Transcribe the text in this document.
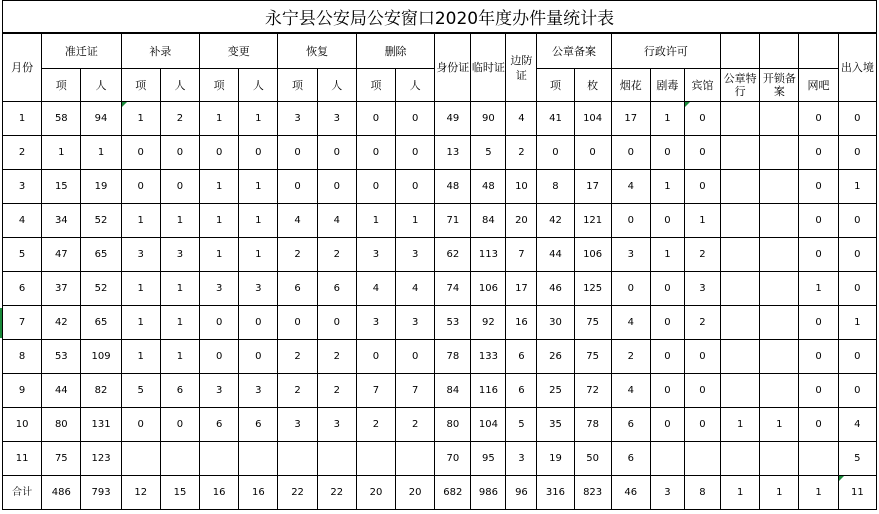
永宁县公安局公安窗口2020年度办件量统计表
月份	准迁证		补录		变更		恢复		删除		身份证	临时证	边防证	公章备案		行政许可						出入境
	项	人	项	人	项	人	项	人	项	人				项	枚	烟花	剧毒	宾馆	公章特行	开锁备案	网吧	
1	58	94	1	2	1	1	3	3	0	0	49	90	4	41	104	17	1	0			0	0
2	1	1	0	0	0	0	0	0	0	0	13	5	2	0	0	0	0	0			0	0
3	15	19	0	0	1	1	0	0	0	0	48	48	10	8	17	4	1	0			0	1
4	34	52	1	1	1	1	4	4	1	1	71	84	20	42	121	0	0	1			0	0
5	47	65	3	3	1	1	2	2	3	3	62	113	7	44	106	3	1	2			0	0
6	37	52	1	1	3	3	6	6	4	4	74	106	17	46	125	0	0	3			1	0
7	42	65	1	1	0	0	0	0	3	3	53	92	16	30	75	4	0	2			0	1
8	53	109	1	1	0	0	2	2	0	0	78	133	6	26	75	2	0	0			0	0
9	44	82	5	6	3	3	2	2	7	7	84	116	6	25	72	4	0	0			0	0
10	80	131	0	0	6	6	3	3	2	2	80	104	5	35	78	6	0	0	1	1	0	4
11	75	123									70	95	3	19	50	6						5
合计	486	793	12	15	16	16	22	22	20	20	682	986	96	316	823	46	3	8	1	1	1	11
